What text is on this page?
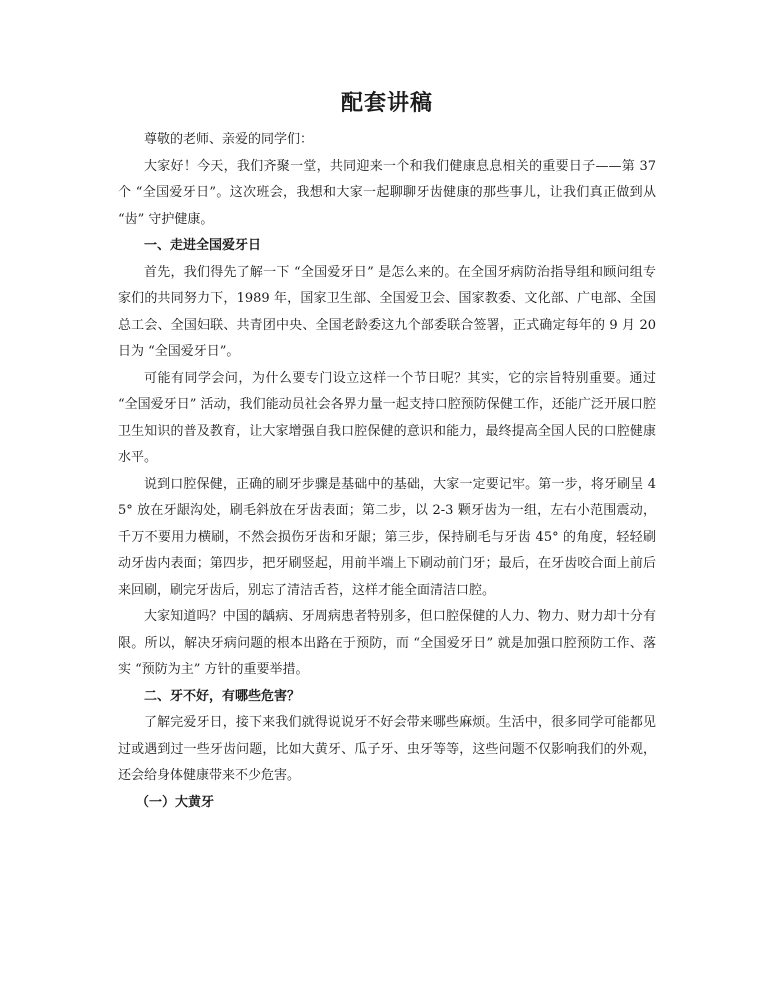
配套讲稿

尊敬的老师、亲爱的同学们：

大家好！今天，我们齐聚一堂，共同迎来一个和我们健康息息相关的重要日子——第 37 个 “全国爱牙日”。这次班会，我想和大家一起聊聊牙齿健康的那些事儿，让我们真正做到从 “齿” 守护健康。

一、走进全国爱牙日

首先，我们得先了解一下 “全国爱牙日” 是怎么来的。在全国牙病防治指导组和顾问组专家们的共同努力下，1989 年，国家卫生部、全国爱卫会、国家教委、文化部、广电部、全国总工会、全国妇联、共青团中央、全国老龄委这九个部委联合签署，正式确定每年的 9 月 20 日为 “全国爱牙日”。

可能有同学会问，为什么要专门设立这样一个节日呢？其实，它的宗旨特别重要。通过 “全国爱牙日” 活动，我们能动员社会各界力量一起支持口腔预防保健工作，还能广泛开展口腔卫生知识的普及教育，让大家增强自我口腔保健的意识和能力，最终提高全国人民的口腔健康水平。

说到口腔保健，正确的刷牙步骤是基础中的基础，大家一定要记牢。第一步，将牙刷呈 45° 放在牙龈沟处，刷毛斜放在牙齿表面；第二步，以 2-3 颗牙齿为一组，左右小范围震动，千万不要用力横刷，不然会损伤牙齿和牙龈；第三步，保持刷毛与牙齿 45° 的角度，轻轻刷动牙齿内表面；第四步，把牙刷竖起，用前半端上下刷动前门牙；最后，在牙齿咬合面上前后来回刷，刷完牙齿后，别忘了清洁舌苔，这样才能全面清洁口腔。

大家知道吗？中国的龋病、牙周病患者特别多，但口腔保健的人力、物力、财力却十分有限。所以，解决牙病问题的根本出路在于预防，而 “全国爱牙日” 就是加强口腔预防工作、落实 “预防为主” 方针的重要举措。

二、牙不好，有哪些危害？

了解完爱牙日，接下来我们就得说说牙不好会带来哪些麻烦。生活中，很多同学可能都见过或遇到过一些牙齿问题，比如大黄牙、瓜子牙、虫牙等等，这些问题不仅影响我们的外观，还会给身体健康带来不少危害。

（一）大黄牙
